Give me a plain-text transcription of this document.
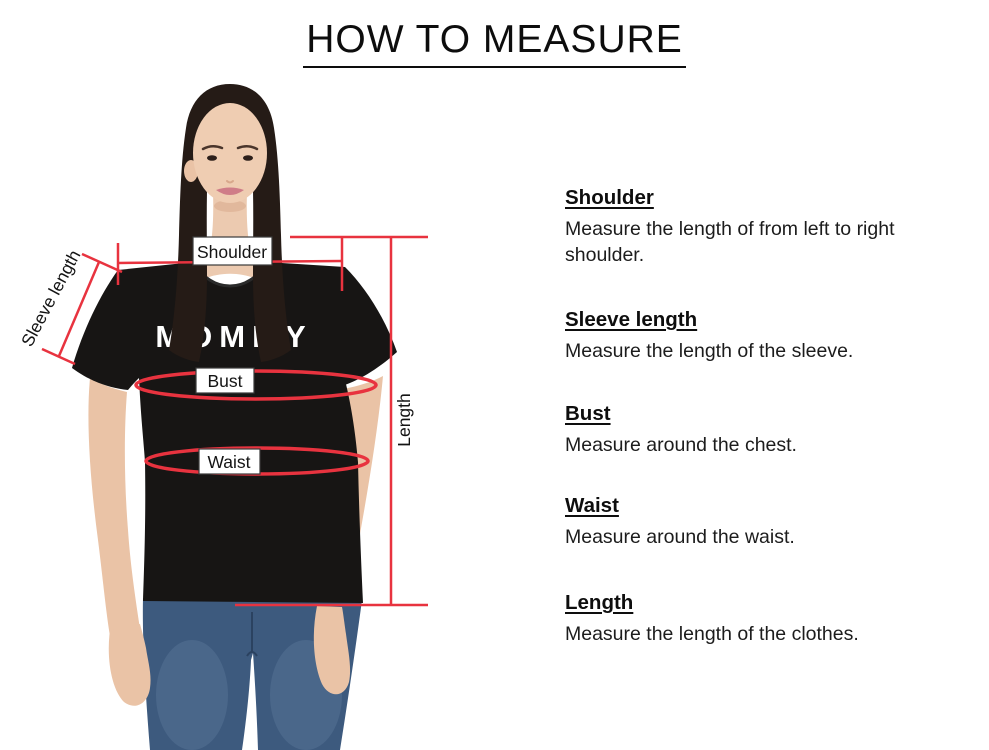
HOW TO MEASURE
MOMMY
Shoulder
Bust
Waist
Sleeve length
Length
Shoulder

Measure the length of from left to right shoulder.

Sleeve length

Measure the length of the sleeve.

Bust

Measure around the chest.

Waist

Measure around the waist.

Length

Measure the length of the clothes.
